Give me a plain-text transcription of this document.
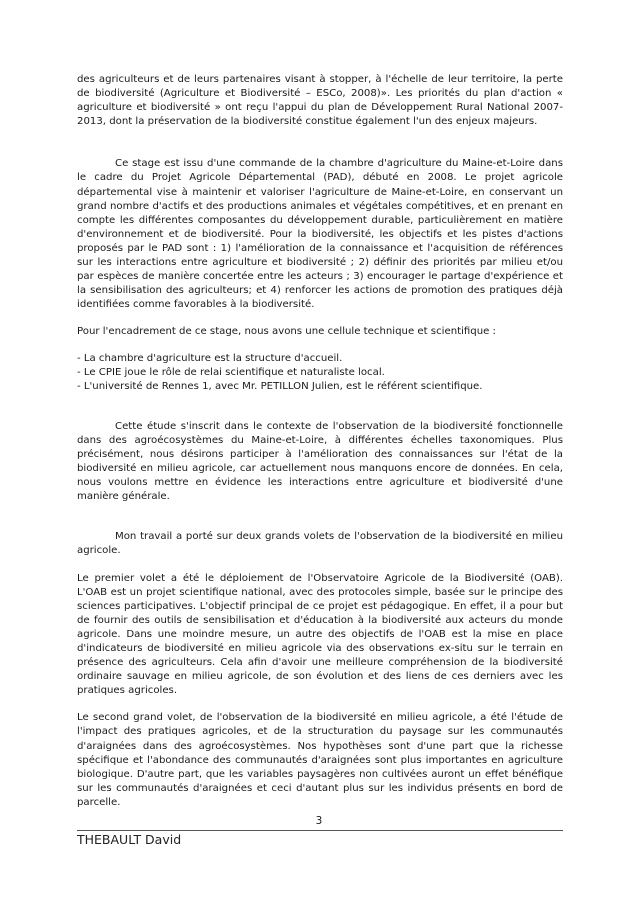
des agriculteurs et de leurs partenaires visant à stopper, à l'échelle de leur territoire, la perte de biodiversité (Agriculture et Biodiversité – ESCo, 2008)». Les priorités du plan d'action « agriculture et biodiversité » ont reçu l'appui du plan de Développement Rural National 2007-2013, dont la préservation de la biodiversité constitue également l'un des enjeux majeurs.

Ce stage est issu d'une commande de la chambre d'agriculture du Maine-et-Loire dans le cadre du Projet Agricole Départemental (PAD), débuté en 2008. Le projet agricole départemental vise à maintenir et valoriser l'agriculture de Maine-et-Loire, en conservant un grand nombre d'actifs et des productions animales et végétales compétitives, et en prenant en compte les différentes composantes du développement durable, particulièrement en matière d'environnement et de biodiversité. Pour la biodiversité, les objectifs et les pistes d'actions proposés par le PAD sont : 1) l'amélioration de la connaissance et l'acquisition de références sur les interactions entre agriculture et biodiversité ; 2) définir des priorités par milieu et/ou par espèces de manière concertée entre les acteurs ; 3) encourager le partage d'expérience et la sensibilisation des agriculteurs; et 4) renforcer les actions de promotion des pratiques déjà identifiées comme favorables à la biodiversité.

Pour l'encadrement de ce stage, nous avons une cellule technique et scientifique :

- La chambre d'agriculture est la structure d'accueil.
- Le CPIE joue le rôle de relai scientifique et naturaliste local.
- L'université de Rennes 1, avec Mr. PETILLON Julien, est le référent scientifique.

Cette étude s'inscrit dans le contexte de l'observation de la biodiversité fonctionnelle dans des agroécosystèmes du Maine-et-Loire, à différentes échelles taxonomiques. Plus précisément, nous désirons participer à l'amélioration des connaissances sur l'état de la biodiversité en milieu agricole, car actuellement nous manquons encore de données. En cela, nous voulons mettre en évidence les interactions entre agriculture et biodiversité d'une manière générale.

Mon travail a porté sur deux grands volets de l'observation de la biodiversité en milieu agricole.

Le premier volet a été le déploiement de l'Observatoire Agricole de la Biodiversité (OAB). L'OAB est un projet scientifique national, avec des protocoles simple, basée sur le principe des sciences participatives. L'objectif principal de ce projet est pédagogique. En effet, il a pour but de fournir des outils de sensibilisation et d'éducation à la biodiversité aux acteurs du monde agricole. Dans une moindre mesure, un autre des objectifs de l'OAB est la mise en place d'indicateurs de biodiversité en milieu agricole via des observations ex-situ sur le terrain en présence des agriculteurs. Cela afin d'avoir une meilleure compréhension de la biodiversité ordinaire sauvage en milieu agricole, de son évolution et des liens de ces derniers avec les pratiques agricoles.

Le second grand volet, de l'observation de la biodiversité en milieu agricole, a été l'étude de l'impact des pratiques agricoles, et de la structuration du paysage sur les communautés d'araignées dans des agroécosystèmes. Nos hypothèses sont d'une part que la richesse spécifique et l'abondance des communautés d'araignées sont plus importantes en agriculture biologique. D'autre part, que les variables paysagères non cultivées auront un effet bénéfique sur les communautés d'araignées et ceci d'autant plus sur les individus présents en bord de parcelle.

3
THEBAULT David
